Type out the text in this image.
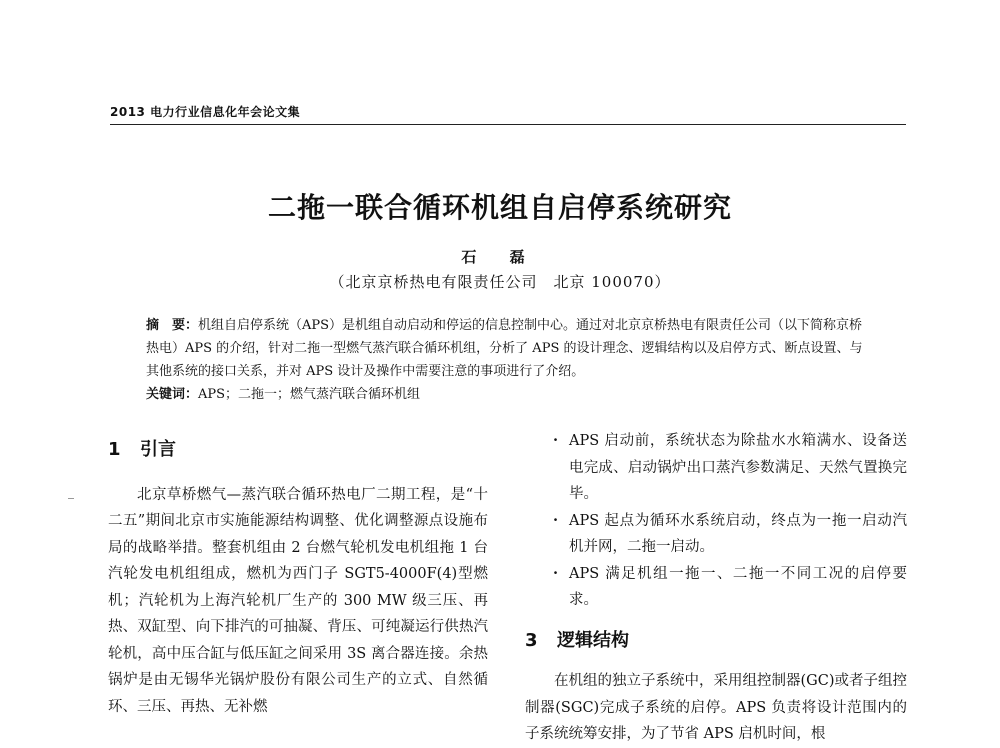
2013 电力行业信息化年会论文集
二拖一联合循环机组自启停系统研究
石 磊
（北京京桥热电有限责任公司　北京 100070）

摘　要：机组自启停系统（APS）是机组自动启动和停运的信息控制中心。通过对北京京桥热电有限责任公司（以下简称京桥热电）APS 的介绍，针对二拖一型燃气蒸汽联合循环机组，分析了 APS 的设计理念、逻辑结构以及启停方式、断点设置、与其他系统的接口关系，并对 APS 设计及操作中需要注意的事项进行了介绍。

关键词：APS；二拖一；燃气蒸汽联合循环机组

1 引言

北京草桥燃气—蒸汽联合循环热电厂二期工程，是“十二五”期间北京市实施能源结构调整、优化调整源点设施布局的战略举措。整套机组由 2 台燃气轮机发电机组拖 1 台汽轮发电机组组成，燃机为西门子 SGT5-4000F(4)型燃机；汽轮机为上海汽轮机厂生产的 300 MW 级三压、再热、双缸型、向下排汽的可抽凝、背压、可纯凝运行供热汽轮机，高中压合缸与低压缸之间采用 3S 离合器连接。余热锅炉是由无锡华光锅炉股份有限公司生产的立式、自然循环、三压、再热、无补燃

· APS 启动前，系统状态为除盐水水箱满水、设备送电完成、启动锅炉出口蒸汽参数满足、天然气置换完毕。
· APS 起点为循环水系统启动，终点为一拖一启动汽机并网，二拖一启动。
· APS 满足机组一拖一、二拖一不同工况的启停要求。
3 逻辑结构

在机组的独立子系统中，采用组控制器(GC)或者子组控制器(SGC)完成子系统的启停。APS 负责将设计范围内的子系统统筹安排，为了节省 APS 启机时间，根
